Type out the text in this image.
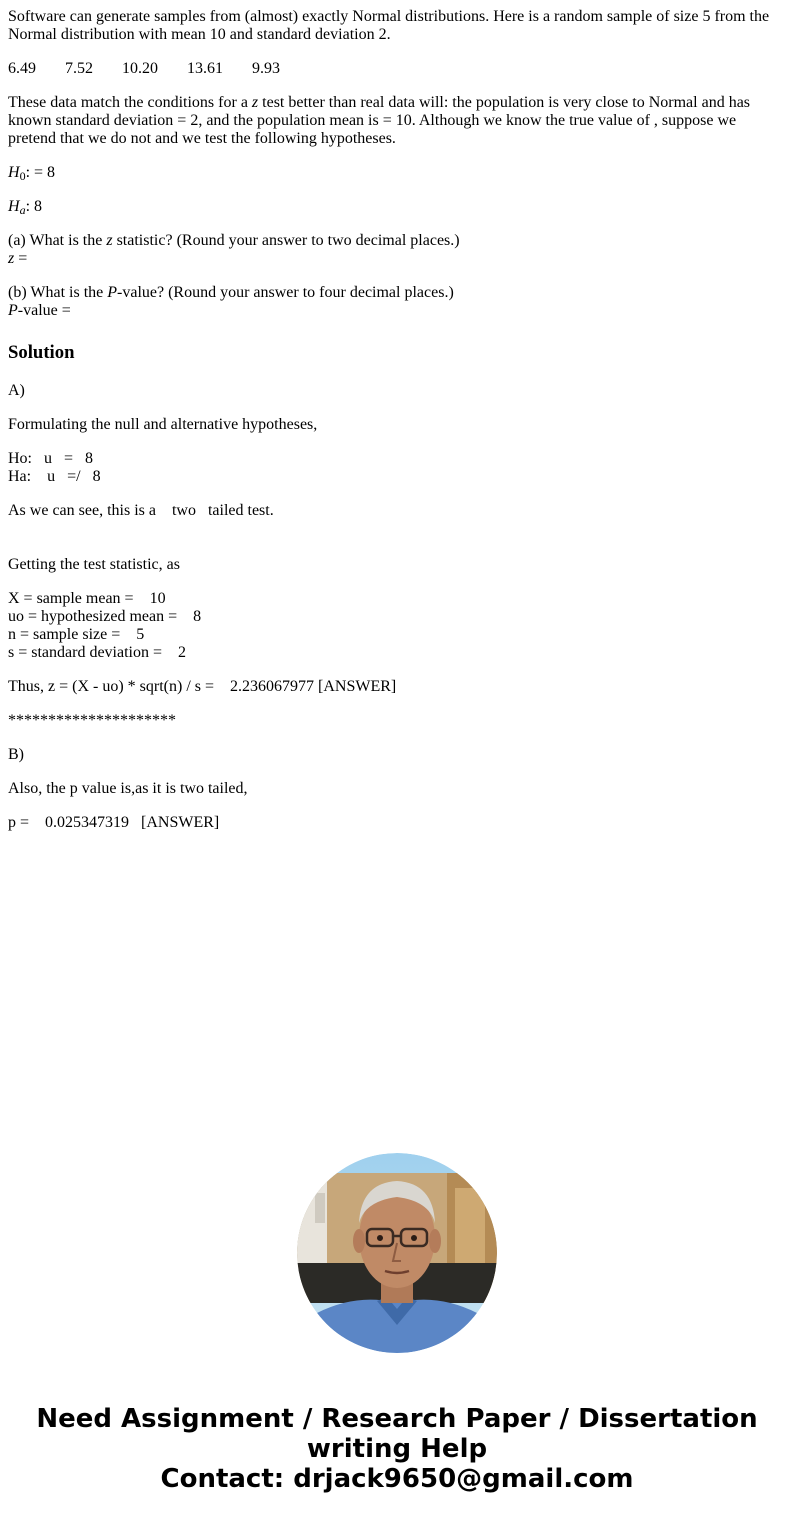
Software can generate samples from (almost) exactly Normal distributions. Here is a random sample of size 5 from the Normal distribution with mean 10 and standard deviation 2.

6.49 7.52 10.20 13.61 9.93

These data match the conditions for a z test better than real data will: the population is very close to Normal and has known standard deviation = 2, and the population mean is = 10. Although we know the true value of , suppose we pretend that we do not and we test the following hypotheses.

$H_0$: = 8

$H_a$: 8

(a) What is the z statistic? (Round your answer to two decimal places.)
z =

(b) What is the P-value? (Round your answer to four decimal places.)
P-value =

Solution

A)

Formulating the null and alternative hypotheses,

Ho:   u   =   8
Ha:    u   =/   8

As we can see, this is a    two   tailed test.

Getting the test statistic, as

X = sample mean =    10
uo = hypothesized mean =    8
n = sample size =    5
s = standard deviation =    2

Thus, z = (X - uo) * sqrt(n) / s =    2.236067977 [ANSWER]

*********************

B)

Also, the p value is,as it is two tailed,

p =    0.025347319   [ANSWER]

Need Assignment / Research Paper / Dissertation
writing Help
Contact: drjack9650@gmail.com
